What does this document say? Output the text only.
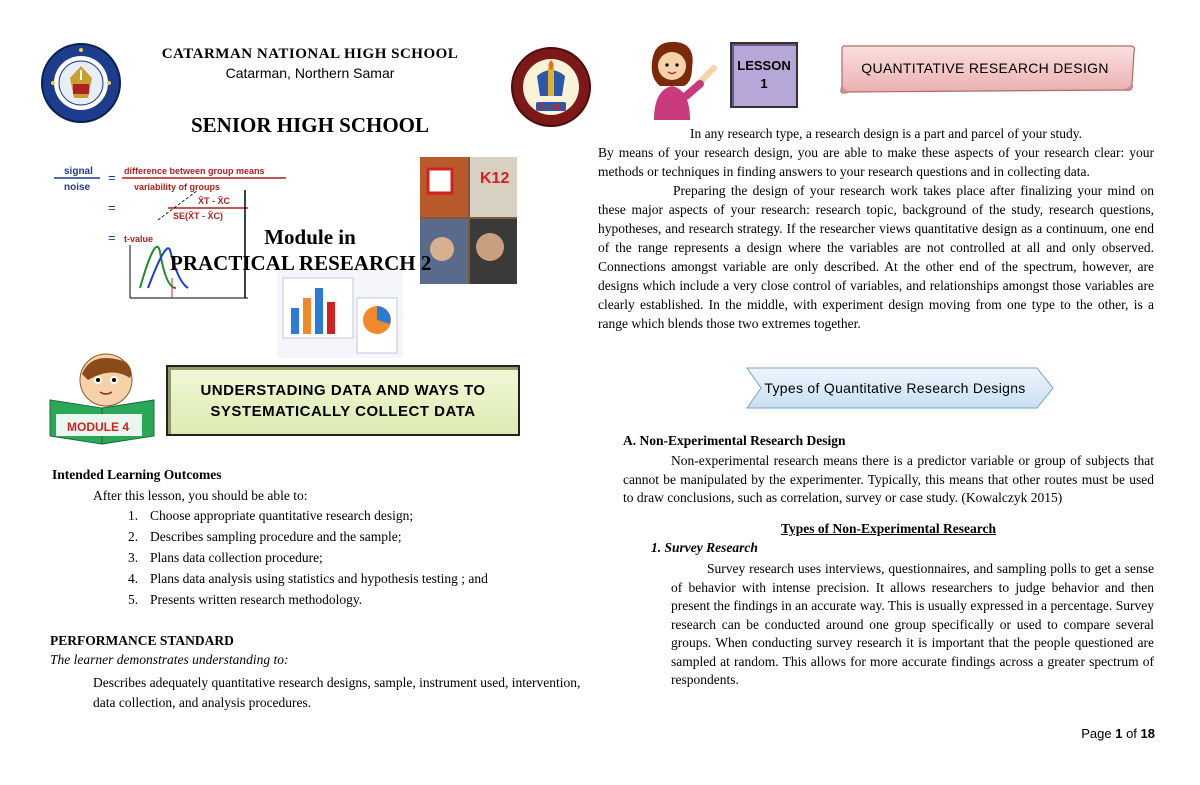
DepED
CATARMAN NATIONAL HIGH SCHOOL
Catarman, Northern Samar
SENIOR HIGH SCHOOL
signal
noise
= difference between group means
variability of groups
=	X̄T - X̄C
SE(X̄T - X̄C)
= t-value
K12
Module in
PRACTICAL RESEARCH 2
MODULE 4
UNDERSTADING DATA AND WAYS TO
SYSTEMATICALLY COLLECT DATA
Intended Learning Outcomes
After this lesson, you should be able to:
1. Choose appropriate quantitative research design;
2. Describes sampling procedure and the sample;
3. Plans data collection procedure;
4. Plans data analysis using statistics and hypothesis testing ; and
5. Presents written research methodology.
PERFORMANCE STANDARD
The learner demonstrates understanding to:
Describes adequately quantitative research designs, sample, instrument used, intervention, data collection, and analysis procedures.
LESSON
1
QUANTITATIVE RESEARCH DESIGN

In any research type, a research design is a part and parcel of your study.

By means of your research design, you are able to make these aspects of your research clear: your methods or techniques in finding answers to your research questions and in collecting data.

Preparing the design of your research work takes place after finalizing your mind on these major aspects of your research: research topic, background of the study, research questions, hypotheses, and research strategy. If the researcher views quantitative design as a continuum, one end of the range represents a design where the variables are not controlled at all and only observed. Connections amongst variable are only described. At the other end of the spectrum, however, are designs which include a very close control of variables, and relationships amongst those variables are clearly established. In the middle, with experiment design moving from one type to the other, is a range which blends those two extremes together.

Types of Quantitative Research Designs
A. Non-Experimental Research Design
Non-experimental research means there is a predictor variable or group of subjects that cannot be manipulated by the experimenter. Typically, this means that other routes must be used to draw conclusions, such as correlation, survey or case study. (Kowalczyk 2015)
Types of Non-Experimental Research
1. Survey Research
Survey research uses interviews, questionnaires, and sampling polls to get a sense of behavior with intense precision. It allows researchers to judge behavior and then present the findings in an accurate way. This is usually expressed in a percentage. Survey research can be conducted around one group specifically or used to compare several groups. When conducting survey research it is important that the people questioned are sampled at random. This allows for more accurate findings across a greater spectrum of respondents.
Page 1 of 18
